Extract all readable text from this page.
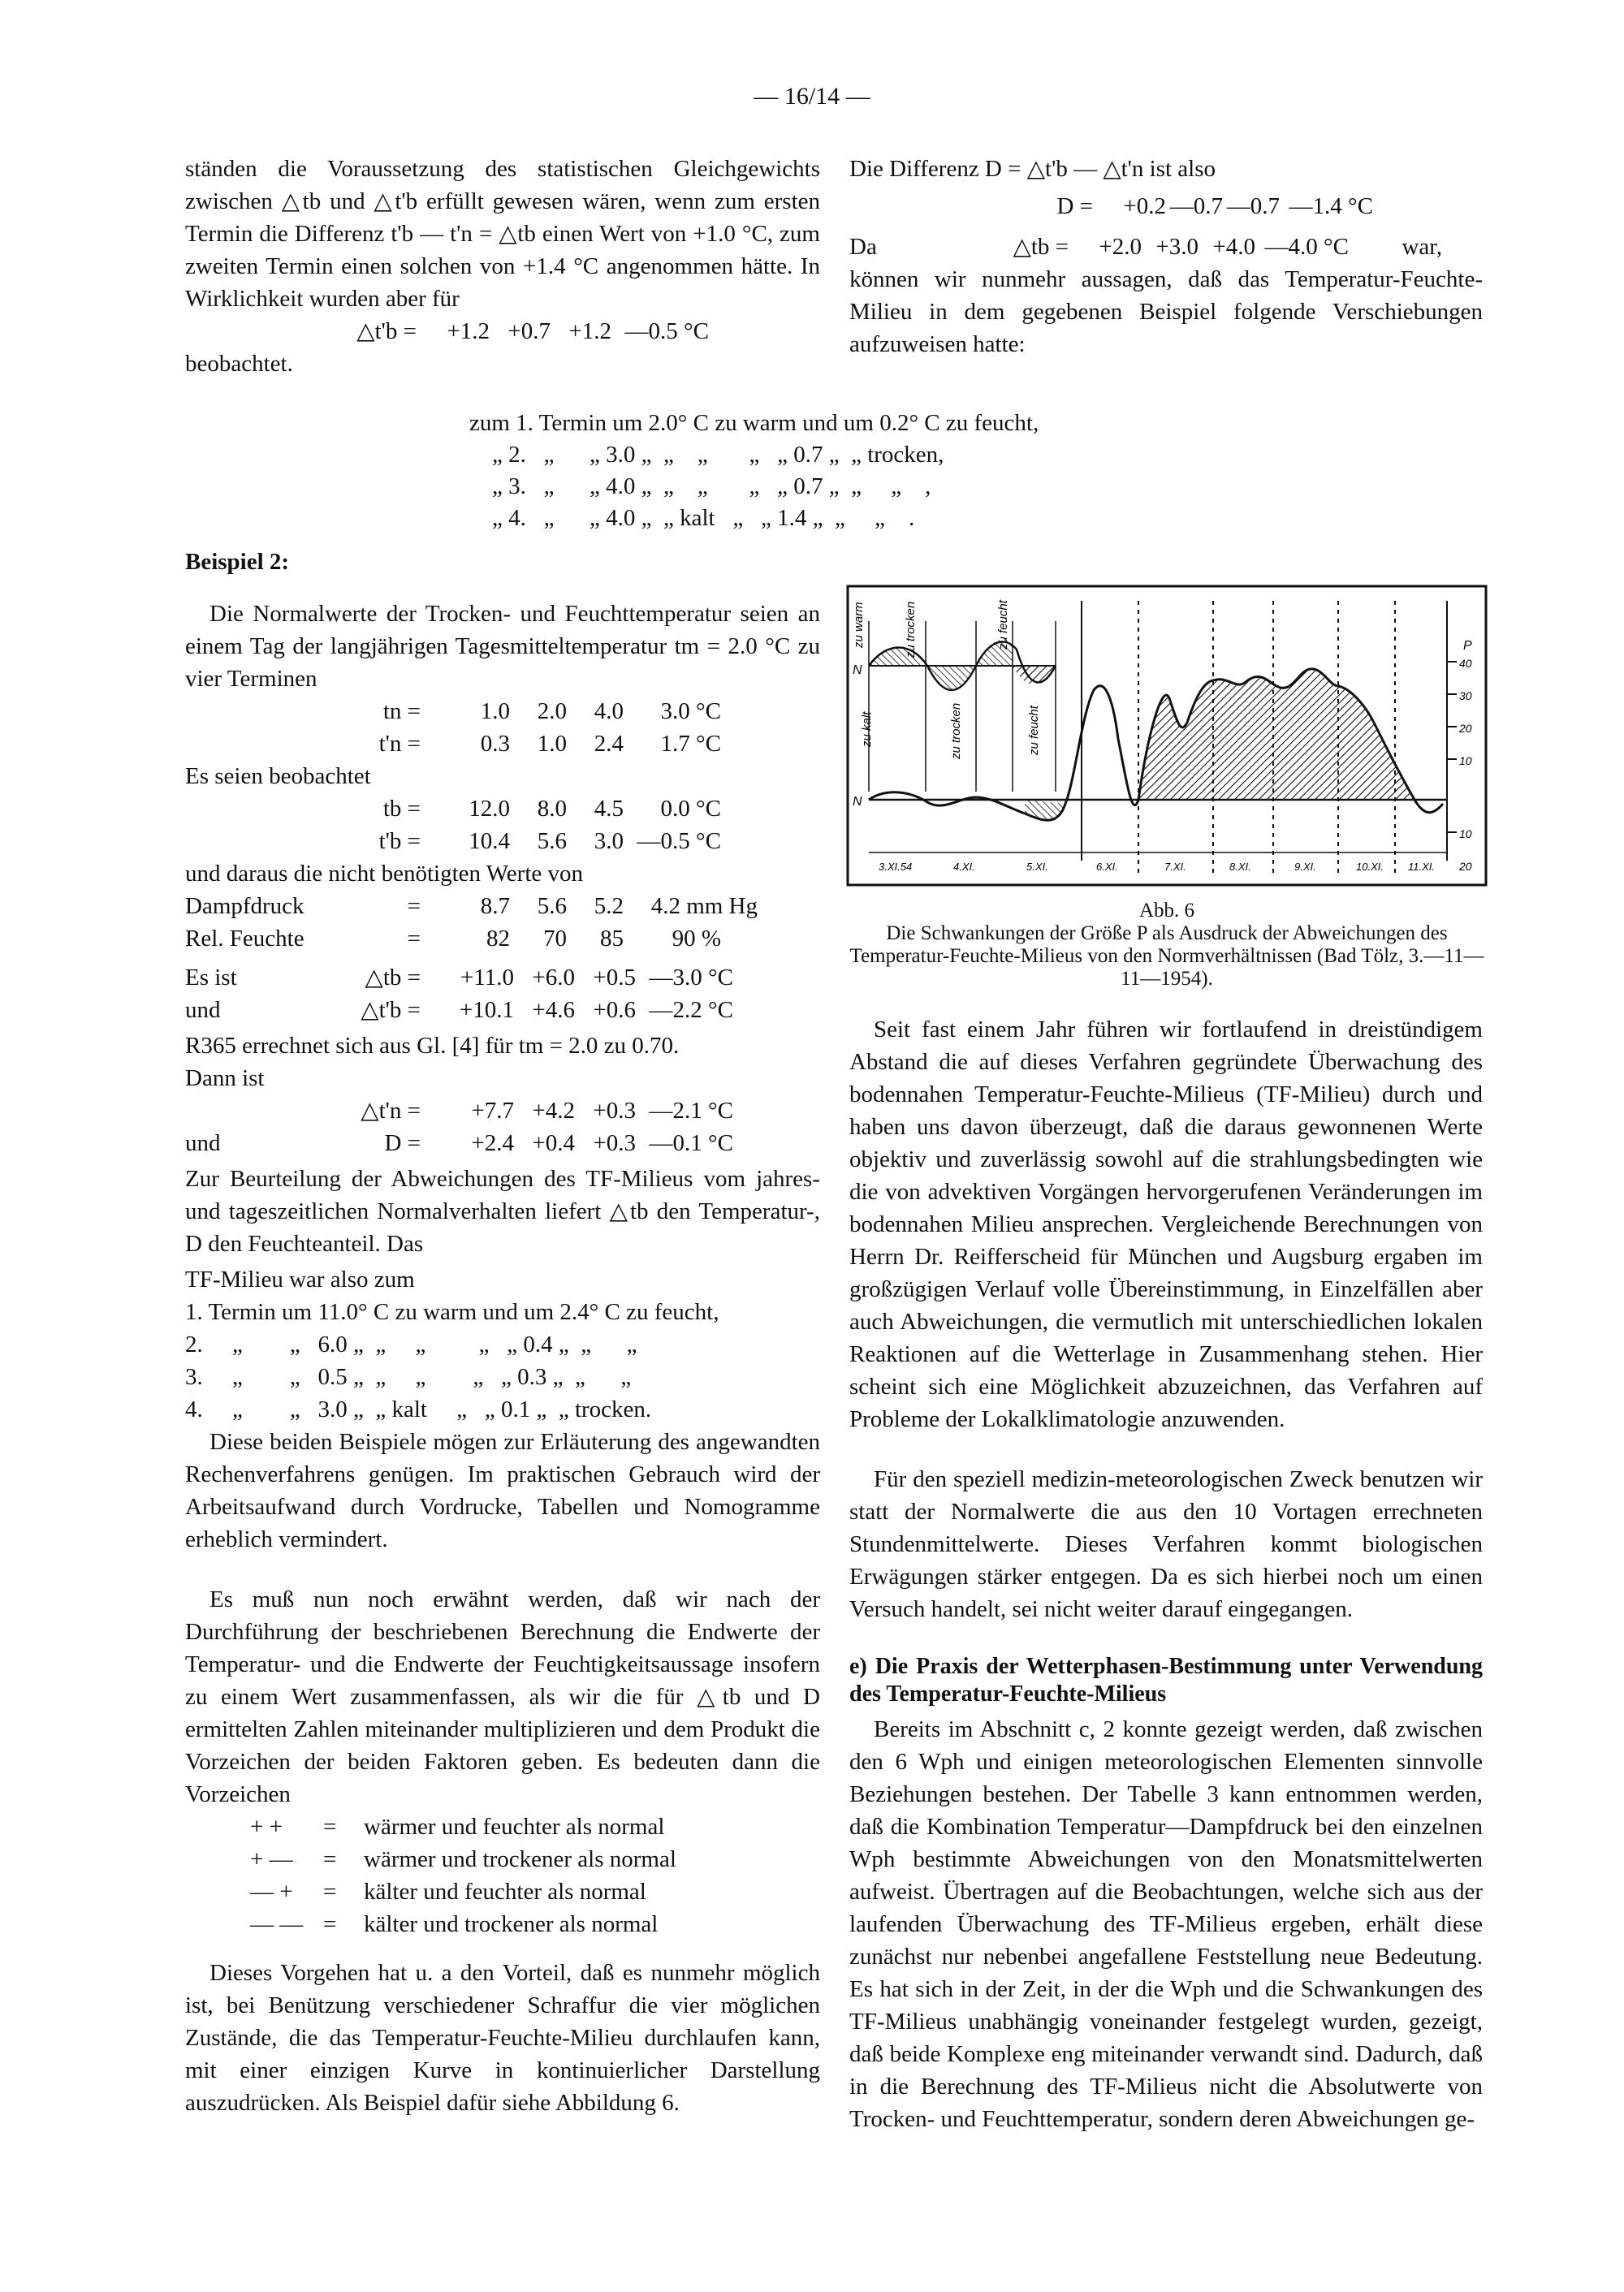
— 16/14 —

ständen die Voraussetzung des statistischen Gleichgewichts zwischen △tb und △t'b erfüllt gewesen wären, wenn zum ersten Termin die Differenz t'b — t'n = △tb einen Wert von +1.0 °C, zum zweiten Termin einen solchen von +1.4 °C angenommen hätte. In Wirklichkeit wurden aber für

△t'b =	+1.2 +0.7 +1.2 —0.5 °C

beobachtet.

Die Differenz D = △t'b — △t'n ist also

D =	+0.2 —0.7 —0.7 —1.4 °C
Da	△tb =	+2.0 +3.0 +4.0 —4.0 °C	war,

können wir nunmehr aussagen, daß das Temperatur-Feuchte-Milieu in dem gegebenen Beispiel folgende Verschiebungen aufzuweisen hatte:

zum 1. Termin um 2.0° C zu warm und um 0.2° C zu feucht,
„ 2.   „      „ 3.0 „  „    „       „   „ 0.7 „  „ trocken,
„ 3.   „      „ 4.0 „  „    „       „   „ 0.7 „  „     „    ,
„ 4.   „      „ 4.0 „  „ kalt   „   „ 1.4 „  „     „    .
Beispiel 2:

Die Normalwerte der Trocken- und Feuchttemperatur seien an einem Tag der langjährigen Tagesmitteltemperatur tm = 2.0 °C zu vier Terminen

tn =	1.0	2.0	4.0	3.0 °C
t'n =	0.3	1.0	2.4	1.7 °C

Es seien beobachtet

tb =	12.0	8.0	4.5	0.0 °C
t'b =	10.4	5.6	3.0 —0.5 °C

und daraus die nicht benötigten Werte von

Dampfdruck	=	8.7	5.6	5.2	4.2 mm Hg
Rel. Feuchte	=	82	70	85	90 %
Es ist	△tb =	+11.0 +6.0 +0.5 —3.0 °C
und	△t'b =	+10.1 +4.6 +0.6 —2.2 °C

R365 errechnet sich aus Gl. [4] für tm = 2.0 zu 0.70.

Dann ist

△t'n =	+7.7 +4.2 +0.3 —2.1 °C
und	D =	+2.4 +0.4 +0.3 —0.1 °C

Zur Beurteilung der Abweichungen des TF-Milieus vom jahres- und tageszeitlichen Normalverhalten liefert △tb den Temperatur-, D den Feuchteanteil. Das

TF-Milieu war also zum

1. Termin um 11.0° C zu warm und um 2.4° C zu feucht,
2.     „        „   6.0 „  „     „         „   „ 0.4 „  „      „
3.     „        „   0.5 „  „     „        „   „ 0.3 „  „      „
4.     „        „   3.0 „  „ kalt     „   „ 0.1 „  „ trocken.

Diese beiden Beispiele mögen zur Erläuterung des angewandten Rechenverfahrens genügen. Im praktischen Gebrauch wird der Arbeitsaufwand durch Vordrucke, Tabellen und Nomogramme erheblich vermindert.

Es muß nun noch erwähnt werden, daß wir nach der Durchführung der beschriebenen Berechnung die Endwerte der Temperatur- und die Endwerte der Feuchtigkeitsaussage insofern zu einem Wert zusammenfassen, als wir die für △tb und D ermittelten Zahlen miteinander multiplizieren und dem Produkt die Vorzeichen der beiden Faktoren geben. Es bedeuten dann die Vorzeichen

+ +	=	wärmer und feuchter als normal
+ —	=	wärmer und trockener als normal
— +	=	kälter und feuchter als normal
— — =	kälter und trockener als normal

Dieses Vorgehen hat u. a den Vorteil, daß es nunmehr möglich ist, bei Benützung verschiedener Schraffur die vier möglichen Zustände, die das Temperatur-Feuchte-Milieu durchlaufen kann, mit einer einzigen Kurve in kontinuierlicher Darstellung auszudrücken. Als Beispiel dafür siehe Abbildung 6.

zu warm	zu trocken	zu feucht
zu kalt	zu trocken	zu feucht
N
N
P
40
30
20
10
10
20
3.XI.54	4.XI.	5.XI.	6.XI.	7.XI.	8.XI.	9.XI.	10.XI. 11.XI.
Abb. 6
Die Schwankungen der Größe P als Ausdruck der Abweichungen des Temperatur-Feuchte-Milieus von den Normverhältnissen (Bad Tölz, 3.—11—11—1954).

Seit fast einem Jahr führen wir fortlaufend in dreistündigem Abstand die auf dieses Verfahren gegründete Überwachung des bodennahen Temperatur-Feuchte-Milieus (TF-Milieu) durch und haben uns davon überzeugt, daß die daraus gewonnenen Werte objektiv und zuverlässig sowohl auf die strahlungsbedingten wie die von advektiven Vorgängen hervorgerufenen Veränderungen im bodennahen Milieu ansprechen. Vergleichende Berechnungen von Herrn Dr. Reifferscheid für München und Augsburg ergaben im großzügigen Verlauf volle Übereinstimmung, in Einzelfällen aber auch Abweichungen, die vermutlich mit unterschiedlichen lokalen Reaktionen auf die Wetterlage in Zusammenhang stehen. Hier scheint sich eine Möglichkeit abzuzeichnen, das Verfahren auf Probleme der Lokalklimatologie anzuwenden.

Für den speziell medizin-meteorologischen Zweck benutzen wir statt der Normalwerte die aus den 10 Vortagen errechneten Stundenmittelwerte. Dieses Verfahren kommt biologischen Erwägungen stärker entgegen. Da es sich hierbei noch um einen Versuch handelt, sei nicht weiter darauf eingegangen.

e) Die Praxis der Wetterphasen-Bestimmung unter Verwendung des Temperatur-Feuchte-Milieus

Bereits im Abschnitt c, 2 konnte gezeigt werden, daß zwischen den 6 Wph und einigen meteorologischen Elementen sinnvolle Beziehungen bestehen. Der Tabelle 3 kann entnommen werden, daß die Kombination Temperatur—Dampfdruck bei den einzelnen Wph bestimmte Abweichungen von den Monatsmittelwerten aufweist. Übertragen auf die Beobachtungen, welche sich aus der laufenden Überwachung des TF-Milieus ergeben, erhält diese zunächst nur nebenbei angefallene Feststellung neue Bedeutung. Es hat sich in der Zeit, in der die Wph und die Schwankungen des TF-Milieus unabhängig voneinander festgelegt wurden, gezeigt, daß beide Komplexe eng miteinander verwandt sind. Dadurch, daß in die Berechnung des TF-Milieus nicht die Absolutwerte von Trocken- und Feuchttemperatur, sondern deren Abweichungen ge-
